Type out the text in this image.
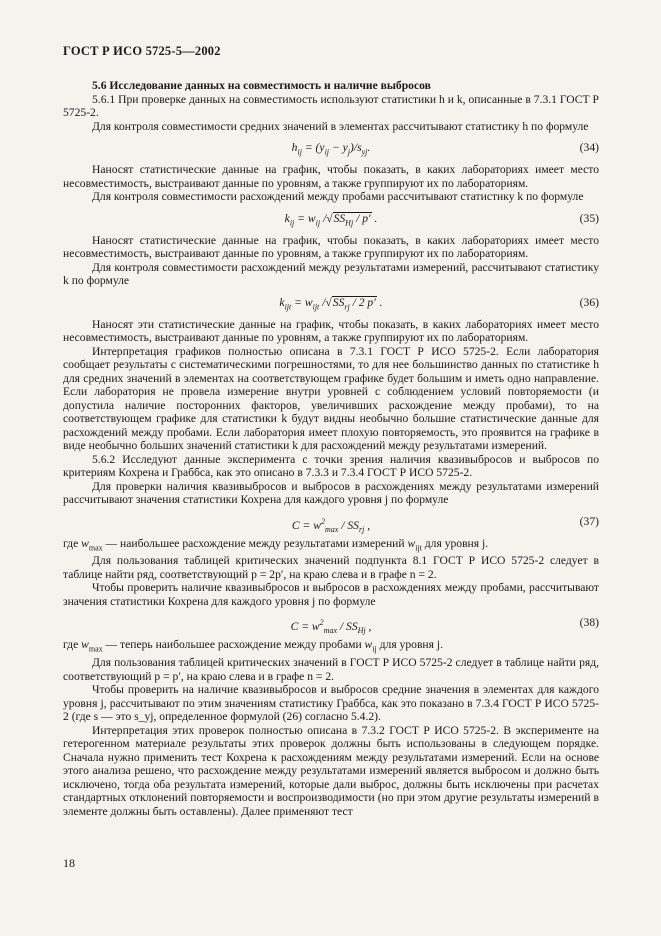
ГОСТ Р ИСО 5725-5—2002

5.6 Исследование данных на совместимость и наличие выбросов

5.6.1 При проверке данных на совместимость используют статистики h и k, описанные в 7.3.1 ГОСТ Р 5725-2.

Для контроля совместимости средних значений в элементах рассчитывают статистику h по формуле

$h_{ij} = (y_{ij} - y_j)/s_{yj}$.	(34)

Наносят статистические данные на график, чтобы показать, в каких лабораториях имеет место несовместимость, выстраивают данные по уровням, а также группируют их по лабораториям.

Для контроля совместимости расхождений между пробами рассчитывают статистику k по формуле

$k_{ij} = w_{ij}$ $/√SS_{Hj} / p'$ .	(35)

Наносят статистические данные на график, чтобы показать, в каких лабораториях имеет место несовместимость, выстраивают данные по уровням, а также группируют их по лабораториям.

Для контроля совместимости расхождений между результатами измерений, рассчитывают статистику k по формуле

$k_{ijt} = w_{ijt}$ $/√SS_{rj} / 2$ p′ .	(36)

Наносят эти статистические данные на график, чтобы показать, в каких лабораториях имеет место несовместимость, выстраивают данные по уровням, а также группируют их по лабораториям.

Интерпретация графиков полностью описана в 7.3.1 ГОСТ Р ИСО 5725-2. Если лаборатория сообщает результаты с систематическими погрешностями, то для нее большинство данных по статистике h для средних значений в элементах на соответствующем графике будет большим и иметь одно направление. Если лаборатория не провела измерение внутри уровней с соблюдением условий повторяемости (и допустила наличие посторонних факторов, увеличивших расхождение между пробами), то на соответствующем графике для статистики k будут видны необычно большие статистические данные для расхождений между пробами. Если лаборатория имеет плохую повторяемость, это проявится на графике в виде необычно больших значений статистики k для расхождений между результатами измерений.

5.6.2 Исследуют данные эксперимента с точки зрения наличия квазивыбросов и выбросов по критериям Кохрена и Граббса, как это описано в 7.3.3 и 7.3.4 ГОСТ Р ИСО 5725-2.

Для проверки наличия квазивыбросов и выбросов в расхождениях между результатами измерений рассчитывают значения статистики Кохрена для каждого уровня j по формуле

$C = w^2_{max} / SS_{rj}$ ,	(37)

где $w_{max}$ — наибольшее расхождение между результатами измерений $w_{ijt}$ для уровня j.

Для пользования таблицей критических значений подпункта 8.1 ГОСТ Р ИСО 5725-2 следует в таблице найти ряд, соответствующий p = 2p′, на краю слева и в графе n = 2.

Чтобы проверить наличие квазивыбросов и выбросов в расхождениях между пробами, рассчитывают значения статистики Кохрена для каждого уровня j по формуле

$C = w^2_{max} / SS_{Hj}$ ,	(38)

где $w_{max}$ — теперь наибольшее расхождение между пробами $w_{ij}$ для уровня j.

Для пользования таблицей критических значений в ГОСТ Р ИСО 5725-2 следует в таблице найти ряд, соответствующий p = p′, на краю слева и в графе n = 2.

Чтобы проверить на наличие квазивыбросов и выбросов средние значения в элементах для каждого уровня j, рассчитывают по этим значениям статистику Граббса, как это показано в 7.3.4 ГОСТ Р ИСО 5725-2 (где s — это s_yj, определенное формулой (26) согласно 5.4.2).

Интерпретация этих проверок полностью описана в 7.3.2 ГОСТ Р ИСО 5725-2. В эксперименте на гетерогенном материале результаты этих проверок должны быть использованы в следующем порядке. Сначала нужно применить тест Кохрена к расхождениям между результатами измерений. Если на основе этого анализа решено, что расхождение между результатами измерений является выбросом и должно быть исключено, тогда оба результата измерений, которые дали выброс, должны быть исключены при расчетах стандартных отклонений повторяемости и воспроизводимости (но при этом другие результаты измерений в элементе должны быть оставлены). Далее применяют тест

18
